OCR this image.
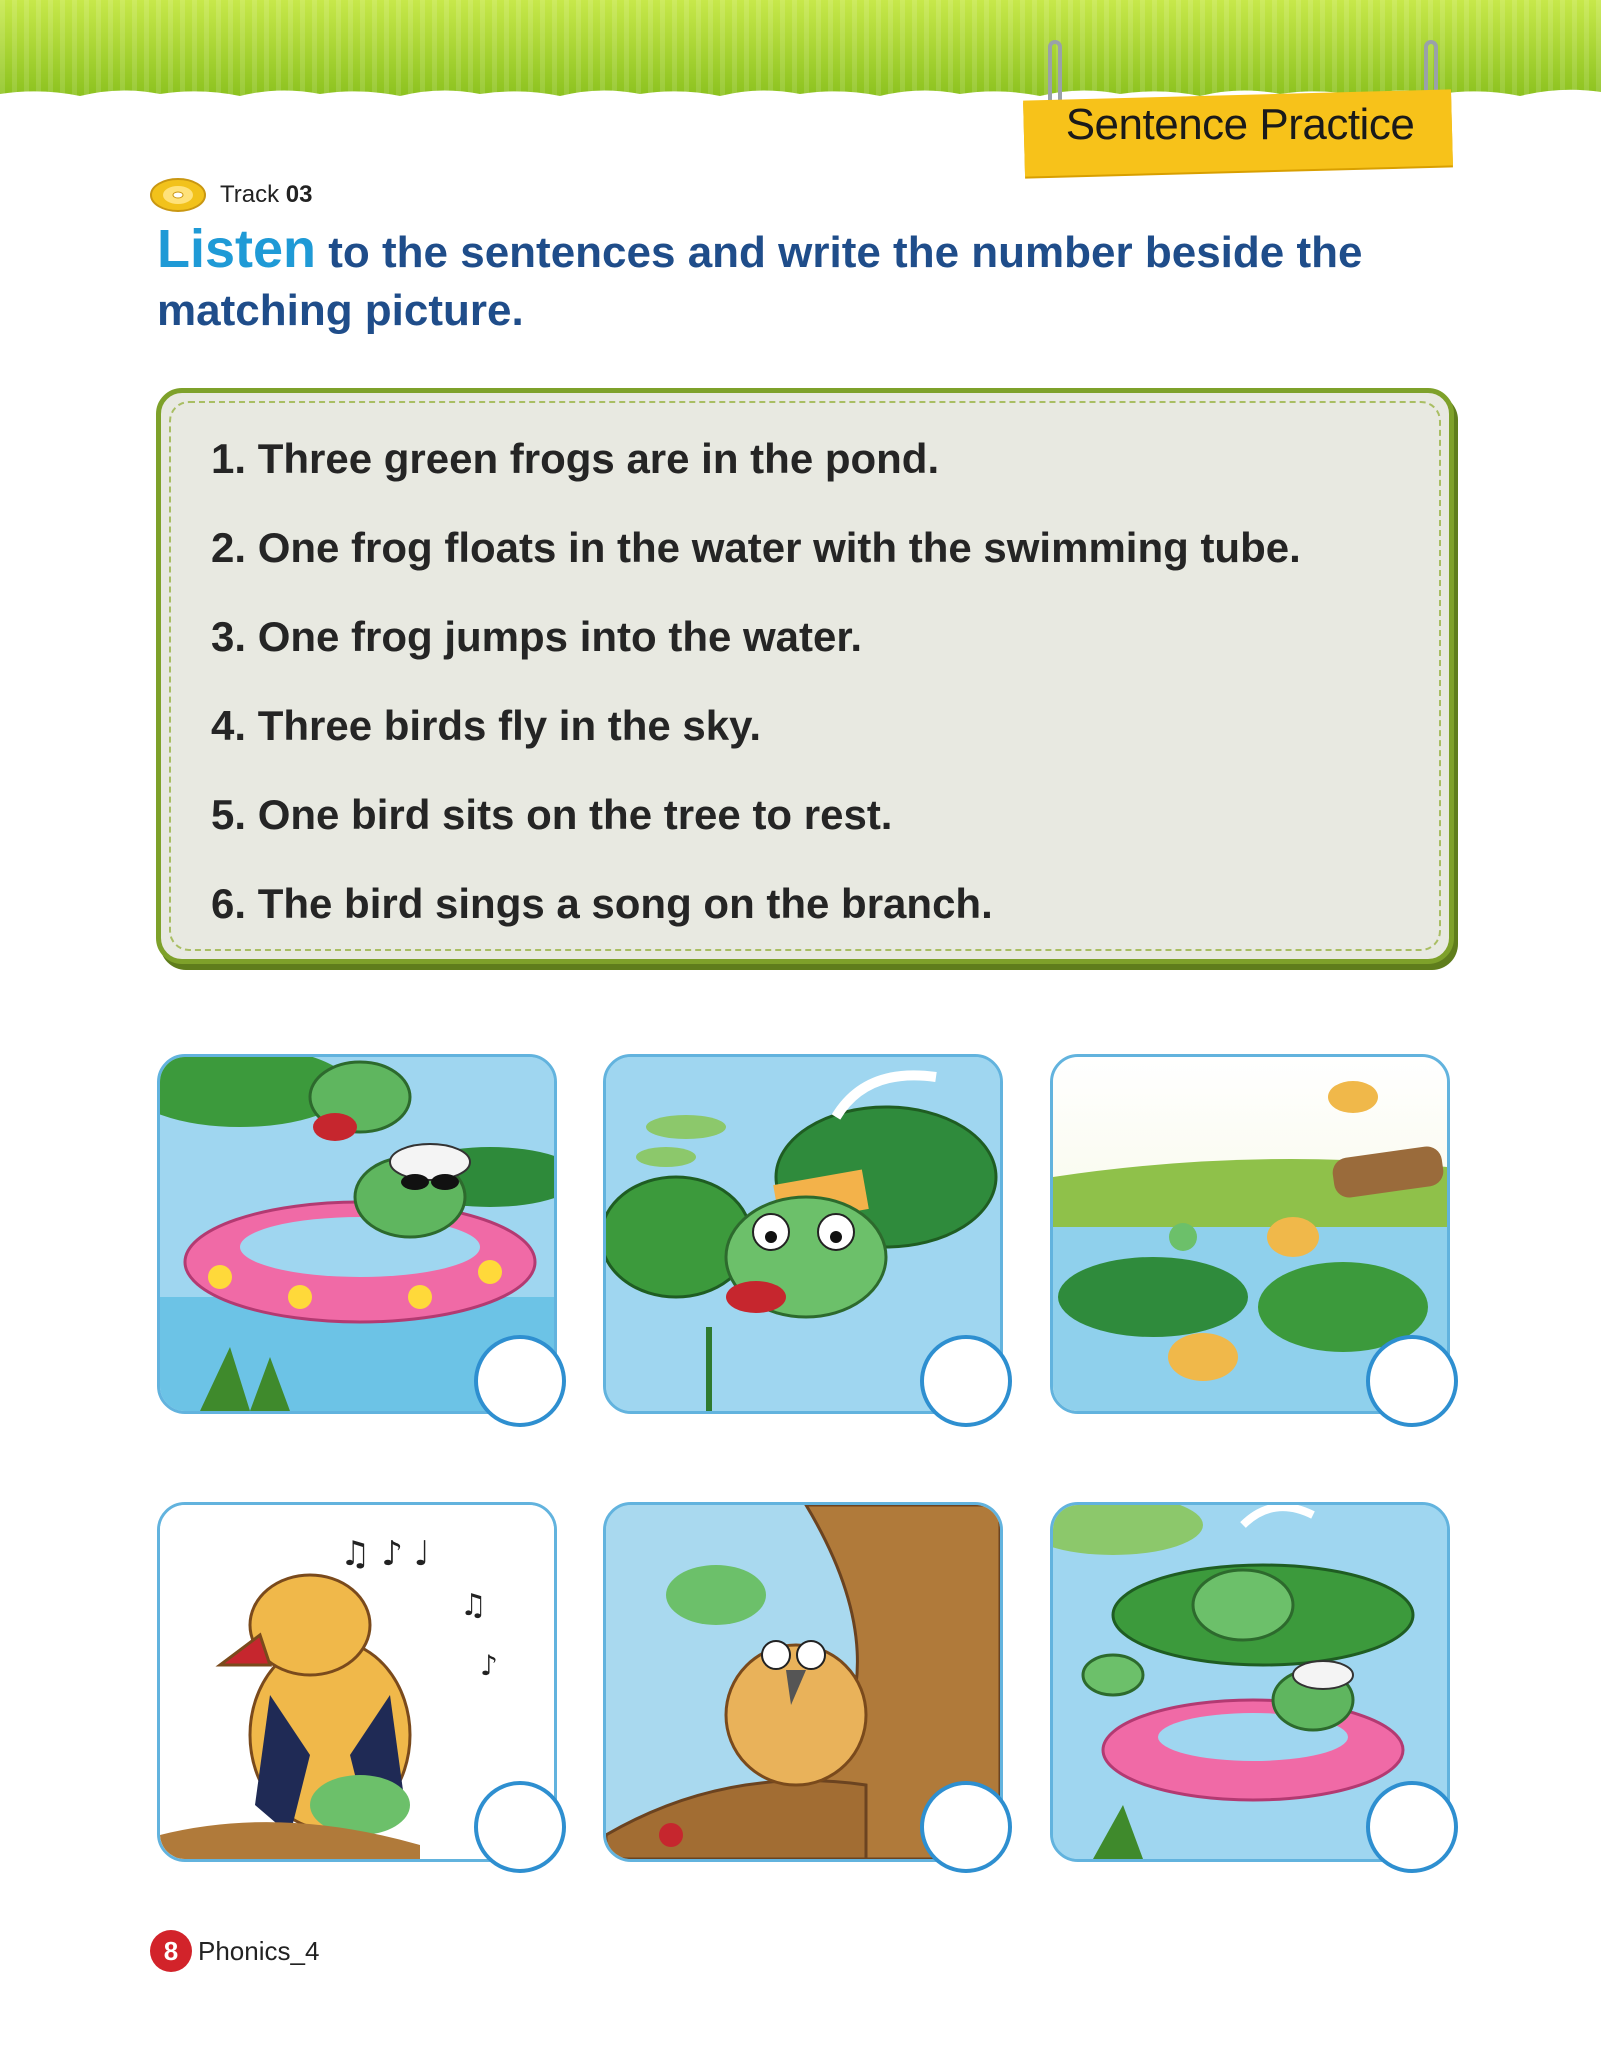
Sentence Practice
Track 03
Listen to the sentences and write the number beside the matching picture.
1. Three green frogs are in the pond.
2. One frog floats in the water with the swimming tube.
3. One frog jumps into the water.
4. Three birds fly in the sky.
5. One bird sits on the tree to rest.
6. The bird sings a song on the branch.
♫ ♪ ♩
♫
♪
8 Phonics_4
